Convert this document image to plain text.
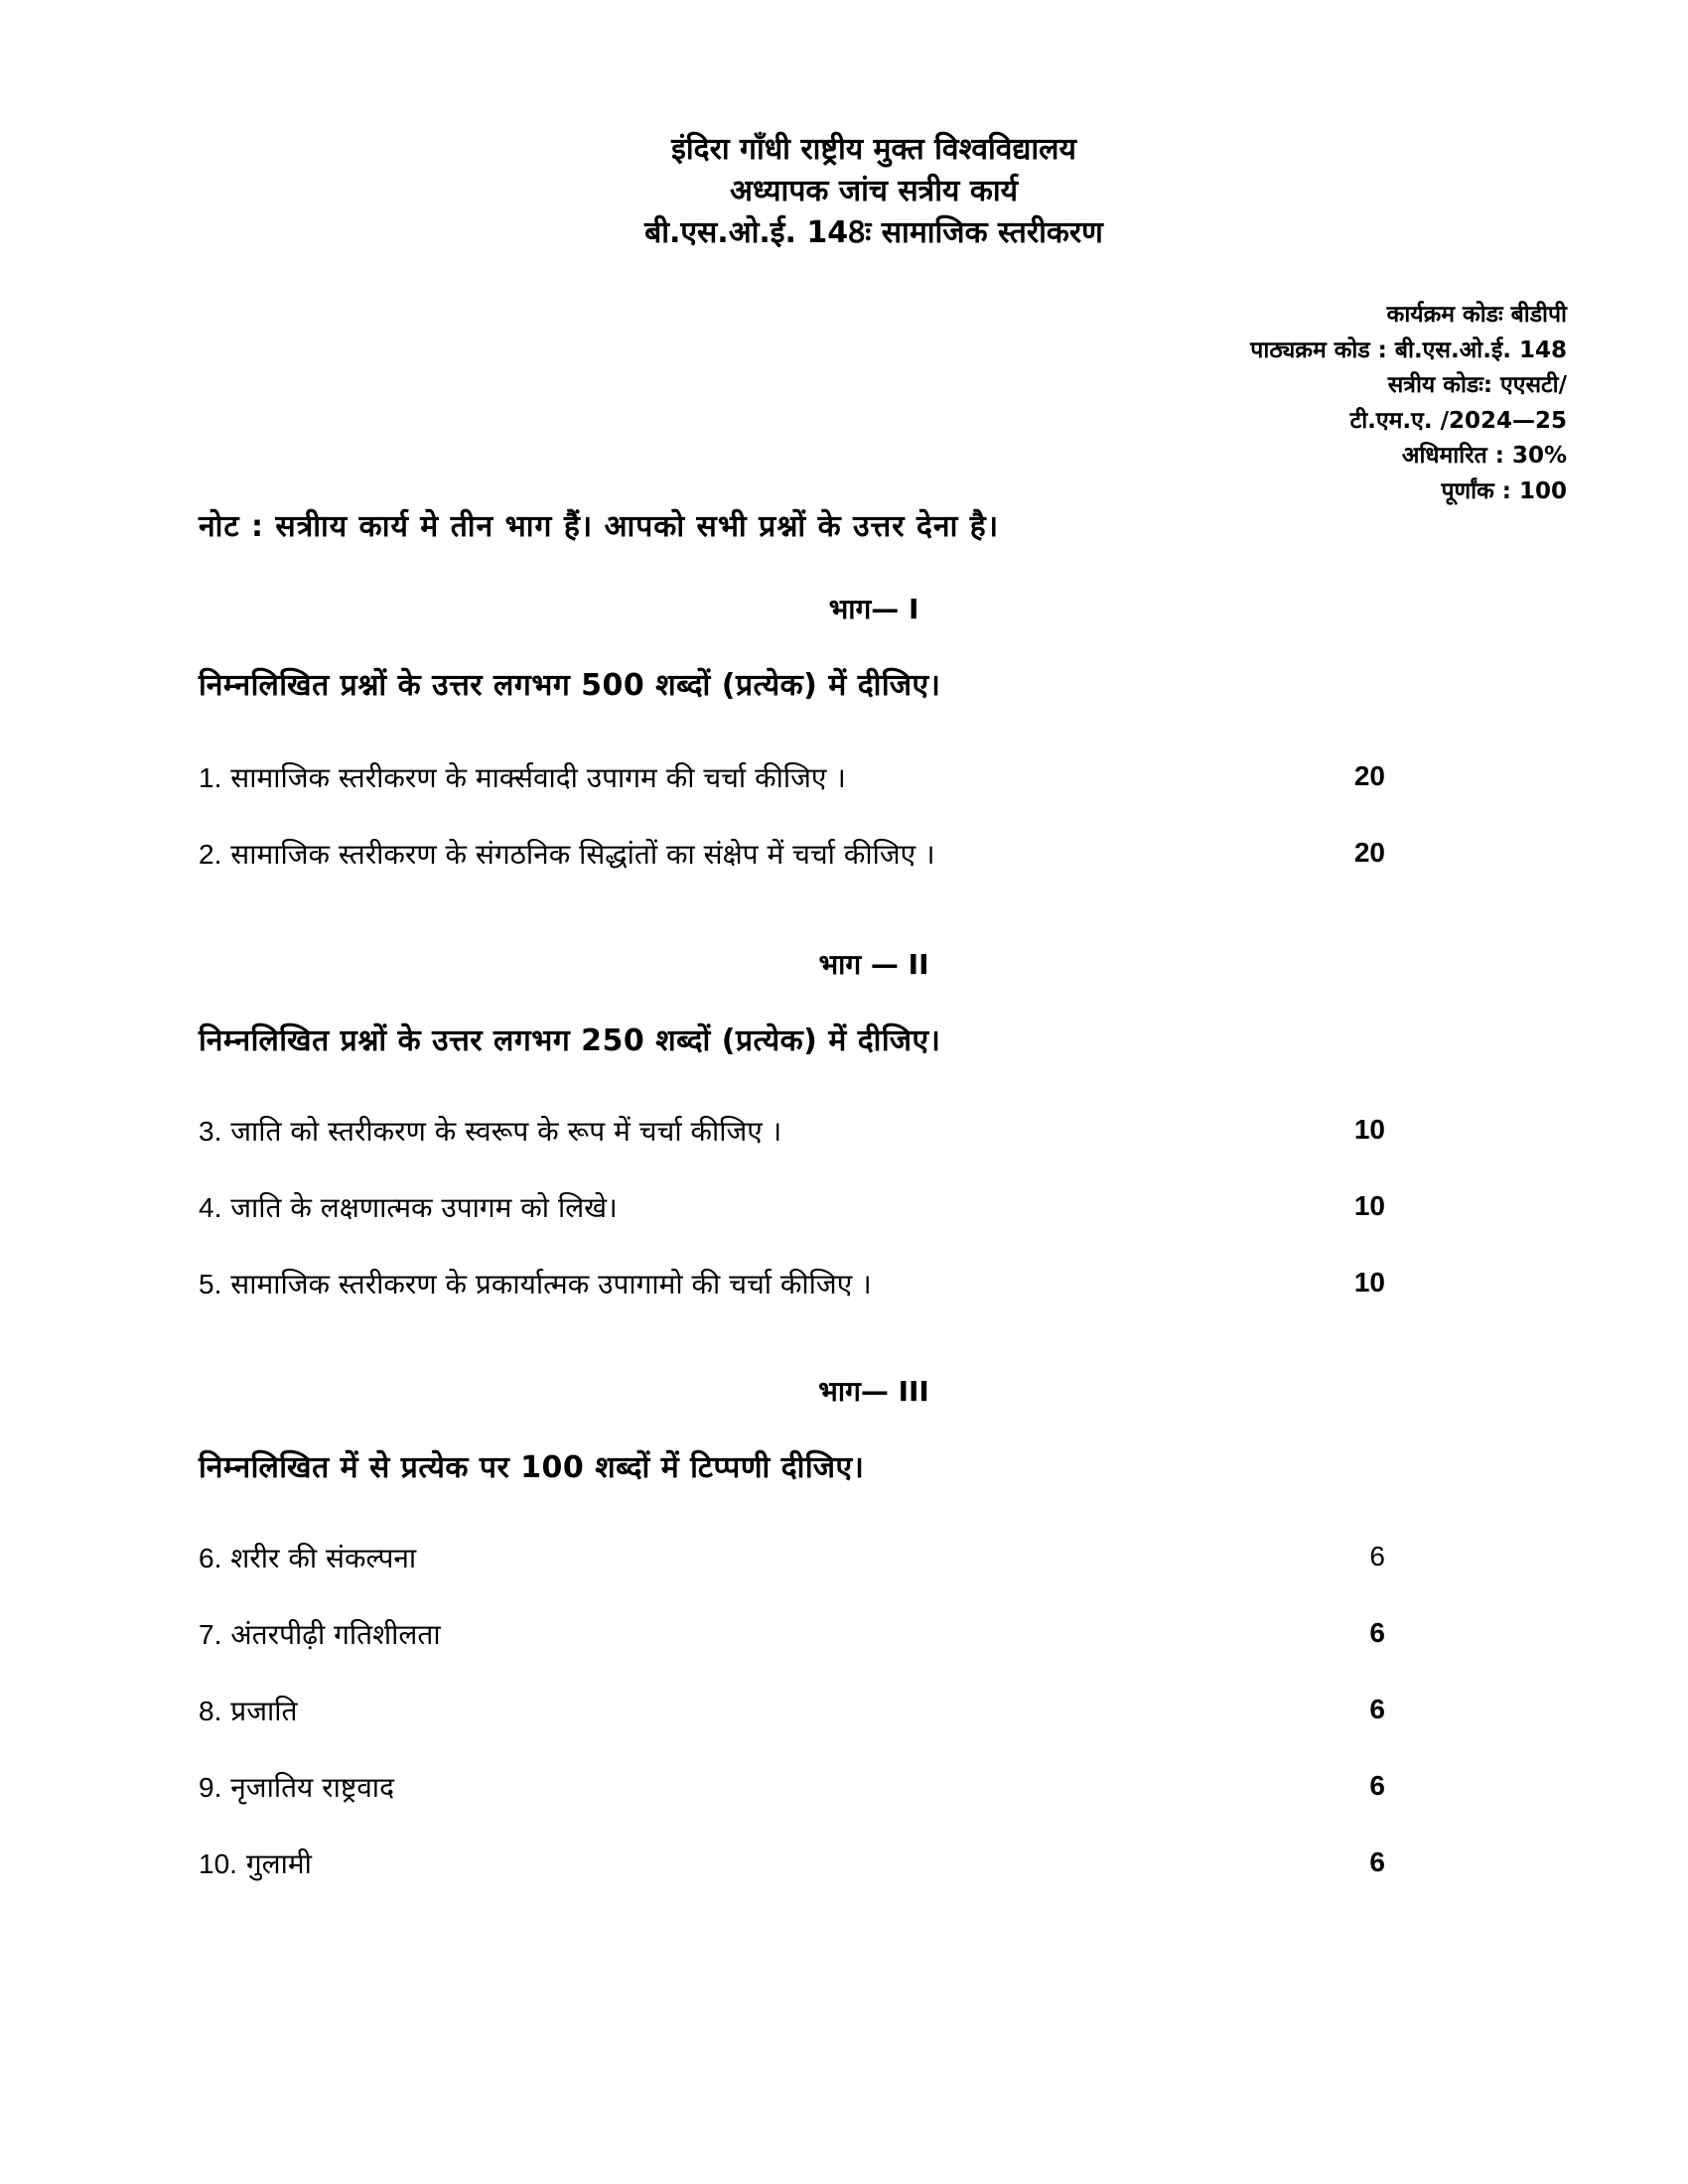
इंदिरा गाँधी राष्ट्रीय मुक्त विश्वविद्यालय
अध्यापक जांच सत्रीय कार्य
बी.एस.ओ.ई. 148ः सामाजिक स्तरीकरण
कार्यक्रम कोडः बीडीपी
पाठ्यक्रम कोड : बी.एस.ओ.ई. 148
सत्रीय कोडः: एएसटी/
टी.एम.ए. /2024—25
अधिमारित : 30%
पूर्णांक : 100
नोट : सत्रीाय कार्य मे तीन भाग हैं। आपको सभी प्रश्नों के उत्तर देना है।
भाग— I
निम्नलिखित प्रश्नों के उत्तर लगभग 500 शब्दों (प्रत्येक) में दीजिए।
1. सामाजिक स्तरीकरण के मार्क्सवादी उपागम की चर्चा कीजिए ।	20
2. सामाजिक स्तरीकरण के संगठनिक सिद्धांतों का संक्षेप में चर्चा कीजिए ।	20
भाग — II
निम्नलिखित प्रश्नों के उत्तर लगभग 250 शब्दों (प्रत्येक) में दीजिए।
3. जाति को स्तरीकरण के स्वरूप के रूप में चर्चा कीजिए ।	10
4. जाति के लक्षणात्मक उपागम को लिखे।	10
5. सामाजिक स्तरीकरण के प्रकार्यात्मक उपागामो की चर्चा कीजिए ।	10
भाग— III
निम्नलिखित में से प्रत्येक पर 100 शब्दों में टिप्पणी दीजिए।
6. शरीर की संकल्पना	6
7. अंतरपीढ़ी गतिशीलता	6
8. प्रजाति	6
9. नृजातिय राष्ट्रवाद	6
10. गुलामी	6
